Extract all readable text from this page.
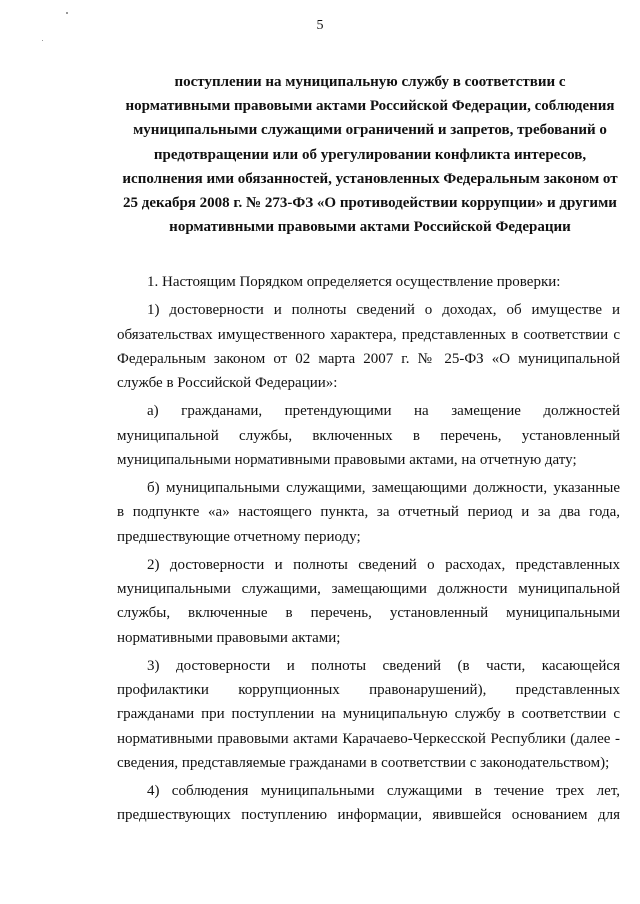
5
поступлении на муниципальную службу в соответствии с
нормативными правовыми актами Российской Федерации, соблюдения
муниципальными служащими ограничений и запретов, требований о
предотвращении или об урегулировании конфликта интересов,
исполнения ими обязанностей, установленных Федеральным законом от
25 декабря 2008 г. № 273-ФЗ «О противодействии коррупции» и другими
нормативными правовыми актами Российской Федерации

1. Настоящим Порядком определяется осуществление проверки:

1) достоверности и полноты сведений о доходах, об имуществе и
обязательствах имущественного характера, представленных в соответствии с
Федеральным законом от 02 марта 2007 г. № 25-ФЗ «О муниципальной
службе в Российской Федерации»:

а) гражданами, претендующими на замещение должностей
муниципальной службы, включенных в перечень, установленный
муниципальными нормативными правовыми актами, на отчетную дату;

б) муниципальными служащими, замещающими должности, указанные
в подпункте «а» настоящего пункта, за отчетный период и за два года,
предшествующие отчетному периоду;

2) достоверности и полноты сведений о расходах, представленных
муниципальными служащими, замещающими должности муниципальной
службы, включенные в перечень, установленный муниципальными
нормативными правовыми актами;

3) достоверности и полноты сведений (в части, касающейся
профилактики коррупционных правонарушений), представленных
гражданами при поступлении на муниципальную службу в соответствии с
нормативными правовыми актами Карачаево-Черкесской Республики (далее -
сведения, представляемые гражданами в соответствии с законодательством);

4) соблюдения муниципальными служащими в течение трех лет,
предшествующих поступлению информации, явившейся основанием для
